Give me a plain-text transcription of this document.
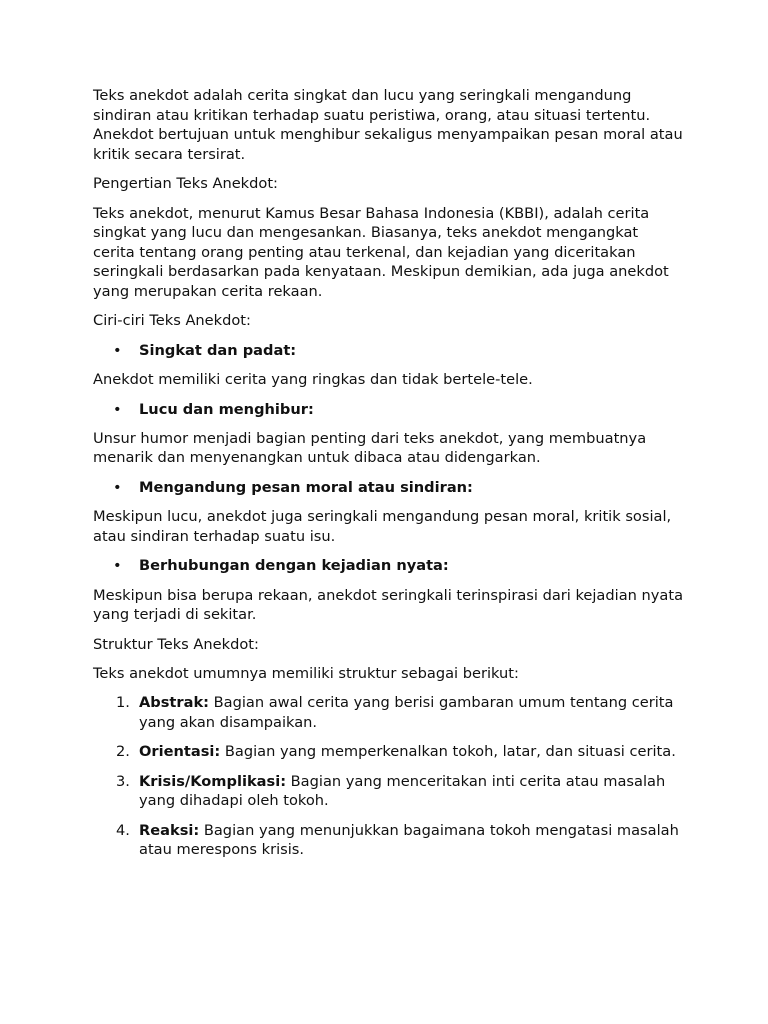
Teks anekdot adalah cerita singkat dan lucu yang seringkali mengandung sindiran atau kritikan terhadap suatu peristiwa, orang, atau situasi tertentu. Anekdot bertujuan untuk menghibur sekaligus menyampaikan pesan moral atau kritik secara tersirat.

Pengertian Teks Anekdot:

Teks anekdot, menurut Kamus Besar Bahasa Indonesia (KBBI), adalah cerita singkat yang lucu dan mengesankan. Biasanya, teks anekdot mengangkat cerita tentang orang penting atau terkenal, dan kejadian yang diceritakan seringkali berdasarkan pada kenyataan. Meskipun demikian, ada juga anekdot yang merupakan cerita rekaan.

Ciri-ciri Teks Anekdot:

• Singkat dan padat:

Anekdot memiliki cerita yang ringkas dan tidak bertele-tele.

• Lucu dan menghibur:

Unsur humor menjadi bagian penting dari teks anekdot, yang membuatnya menarik dan menyenangkan untuk dibaca atau didengarkan.

• Mengandung pesan moral atau sindiran:

Meskipun lucu, anekdot juga seringkali mengandung pesan moral, kritik sosial, atau sindiran terhadap suatu isu.

• Berhubungan dengan kejadian nyata:

Meskipun bisa berupa rekaan, anekdot seringkali terinspirasi dari kejadian nyata yang terjadi di sekitar.

Struktur Teks Anekdot:

Teks anekdot umumnya memiliki struktur sebagai berikut:

1. Abstrak: Bagian awal cerita yang berisi gambaran umum tentang cerita yang akan disampaikan.
2. Orientasi: Bagian yang memperkenalkan tokoh, latar, dan situasi cerita.
3. Krisis/Komplikasi: Bagian yang menceritakan inti cerita atau masalah yang dihadapi oleh tokoh.
4. Reaksi: Bagian yang menunjukkan bagaimana tokoh mengatasi masalah atau merespons krisis.
